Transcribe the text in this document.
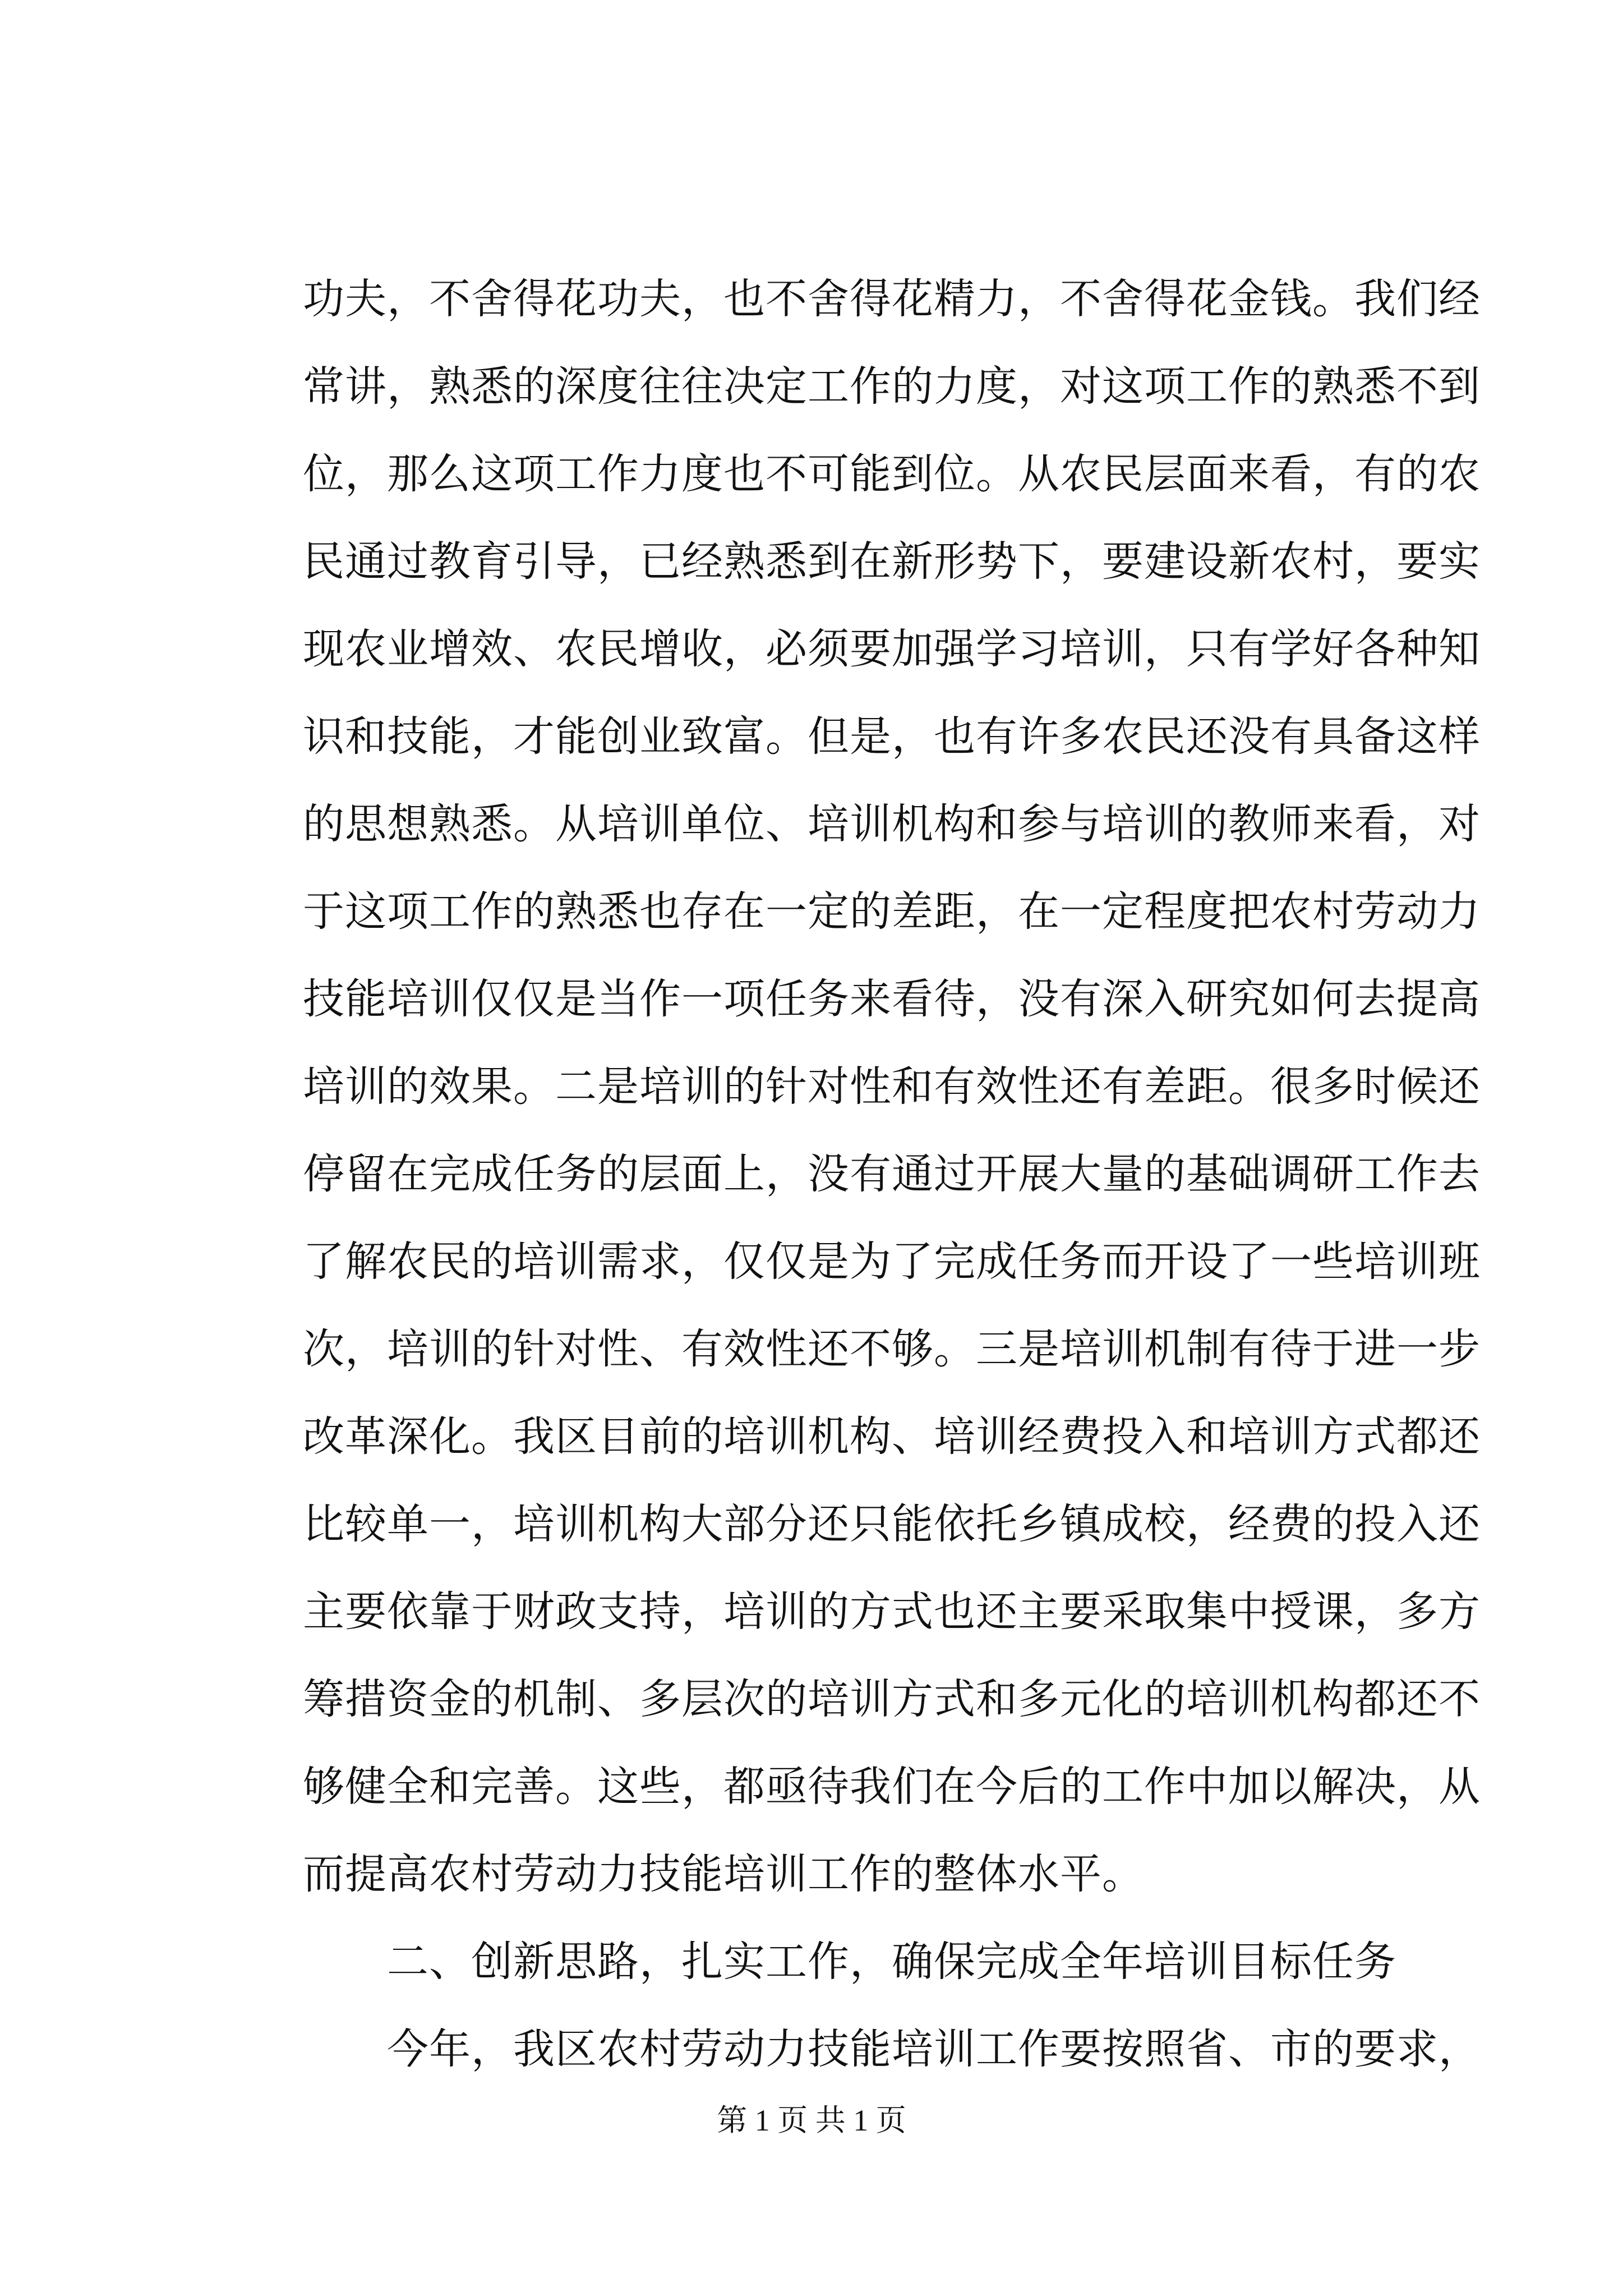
功夫，不舍得花功夫，也不舍得花精力，不舍得花金钱。我们经
常讲，熟悉的深度往往决定工作的力度，对这项工作的熟悉不到
位，那么这项工作力度也不可能到位。从农民层面来看，有的农
民通过教育引导，已经熟悉到在新形势下，要建设新农村，要实
现农业增效、农民增收，必须要加强学习培训，只有学好各种知
识和技能，才能创业致富。但是，也有许多农民还没有具备这样
的思想熟悉。从培训单位、培训机构和参与培训的教师来看，对
于这项工作的熟悉也存在一定的差距，在一定程度把农村劳动力
技能培训仅仅是当作一项任务来看待，没有深入研究如何去提高
培训的效果。二是培训的针对性和有效性还有差距。很多时候还
停留在完成任务的层面上，没有通过开展大量的基础调研工作去
了解农民的培训需求，仅仅是为了完成任务而开设了一些培训班
次，培训的针对性、有效性还不够。三是培训机制有待于进一步
改革深化。我区目前的培训机构、培训经费投入和培训方式都还
比较单一，培训机构大部分还只能依托乡镇成校，经费的投入还
主要依靠于财政支持，培训的方式也还主要采取集中授课，多方
筹措资金的机制、多层次的培训方式和多元化的培训机构都还不
够健全和完善。这些，都亟待我们在今后的工作中加以解决，从
而提高农村劳动力技能培训工作的整体水平。
二、创新思路，扎实工作，确保完成全年培训目标任务
今年，我区农村劳动力技能培训工作要按照省、市的要求，
第 1 页 共 1 页
